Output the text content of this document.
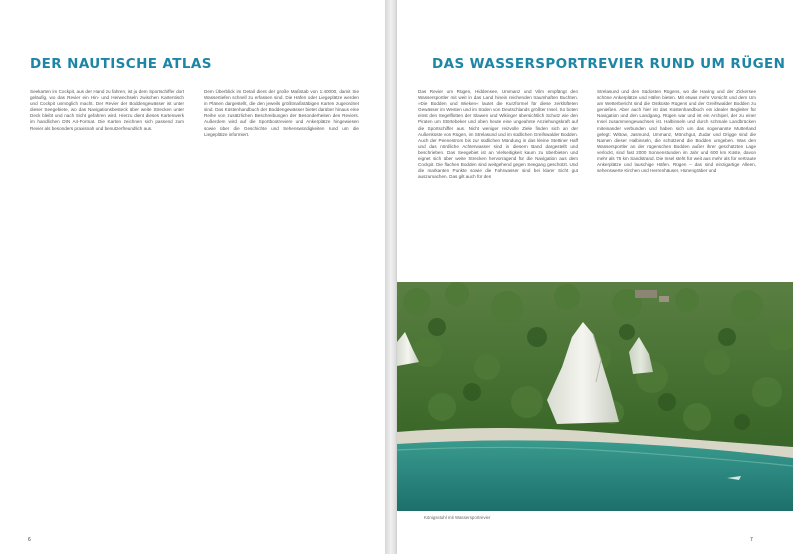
DER NAUTISCHE ATLAS

Seekarten im Cockpit, aus der Hand zu fahren, ist ju dem Sportschiffer dort geläufig, wo das Revier ein Hin- und Herwechseln zwischen Kartentisch und Cockpit unmöglich macht. Der Revier der Boddengewässer ist unter dieser Seegebiete, wo das Navigationsbesteck über weite Strecken unter Deck bleibt und nach Sicht gefahren wird. Hierzu dient dieses Kartenwerk im handlichen DIN A4-Format. Die Karten zeichnen sich passend zum Revier als besonders praxisnah und benutzerfreundlich aus.

Dem Überblick im Detail dient der große Maßstab von 1:40000, damit Sie Wassertiefen schnell zu erfassen sind. Die Häfen oder Liegeplätze werden in Plänen dargestellt, die den jeweils größtmaßstäbigen Karten zugeordnet sind. Das Küstenhandbuch der Boddengewässer bietet darüber hinaus eine Reihe von zusätzlichen Beschreibungen der Besonderheiten des Reviers. Außerdem wird auf die Sportbootreviere und Ankerplätze hingewiesen sowie über die Geschichte und Sehenswürdigkeiten rund um die Liegeplätze informiert.

6
DAS WASSERSPORTREVIER RUND UM RÜGEN

Das Revier um Rügen, Hiddensee, Ummanz und Vilm empfängt den Wassersportler mit weit in das Land hinein reichenden traumhaften Buchten. »Die Bodden und Wieken« lautet die Kurzformel für diese zerklüfteten Gewässer im Westen und im Süden von Deutschlands größter Insel. So boten einst den Segelflotten der Slawen und Wikinger übersichtlich Schutz wie den Piraten um Störtebeker und oben heute eine ungeahnte Anziehungskraft auf die Sportschiffer aus. Nicht weniger reizvolle Ziele finden sich an der Außenküste von Rügen, im Strelasund und im südlichen Greifswalder Bodden. Auch der Peenestrom bis zur südlichen Mündung in das kleine Stettiner Haff und das nördliche Achterwasser sind in diesem Band dargestellt und beschrieben. Das Seegebiet ist an Vielseitigkeit kaum zu überbieten und eignet sich über weite Strecken hervorragend für die Navigation aus dem Cockpit. Die flachen Bodden sind weitgehend gegen Seegang geschützt. Und die markanten Punkte sowie die Fahrwasser sind bei klarer Sicht gut auszumachen. Das gilt auch für den

Strelasund und den Südosten Rügens, wo die Having und der Zickersee schöne Ankerplätze und Häfen bieten. Mit etwas mehr Vorsicht und dem Um am Wetterbericht sind die Ostküste Rügens und der Greifswalder Bodden zu genießen. Aber auch hier ist das Küstenhandbuch ein idealer Begleiter für Navigation und den Landgang. Rügen war und ist ein Archipel, der zu einer Insel zusammengewachsen ist. Halbinseln und durch schmale Landbrücken miteinander verbunden und haben sich um das sogenannte Mutterland gelegt: Wittow, Jasmund, Ummanz, Mönchgut, Zudar und Drigge sind die Namen dieser Halbinseln, die schützend die Bodden umgeben. Was den Wassersportler an der rügenschen Bodden außer ihrer geschützten Lage verlockt, sind fast 2000 Sonnenstunden im Jahr und 600 km Küste, davon mehr als 75 km Sandstrand. Die Insel steht für weit aus mehr als für vertraute Ankerplätze und lauschige Häfen. Rügen – das sind einzigartige Alleen, sehenswerte Kirchen und Herrenhäuser, Hünengräber und

Königsstuhl mit Wassersportrevier
7
